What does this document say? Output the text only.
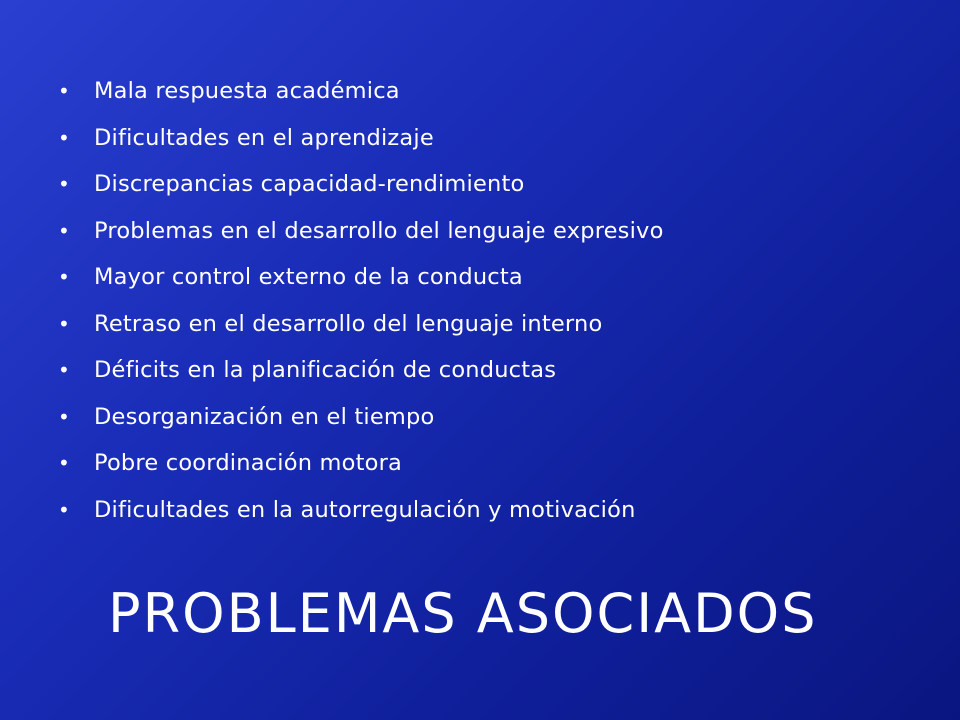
•	Mala respuesta académica
•	Dificultades en el aprendizaje
•	Discrepancias capacidad-rendimiento
•	Problemas en el desarrollo del lenguaje expresivo
•	Mayor control externo de la conducta
•	Retraso en el desarrollo del lenguaje interno
•	Déficits en la planificación de conductas
•	Desorganización en el tiempo
•	Pobre coordinación motora
•	Dificultades en la autorregulación y motivación
PROBLEMAS ASOCIADOS
